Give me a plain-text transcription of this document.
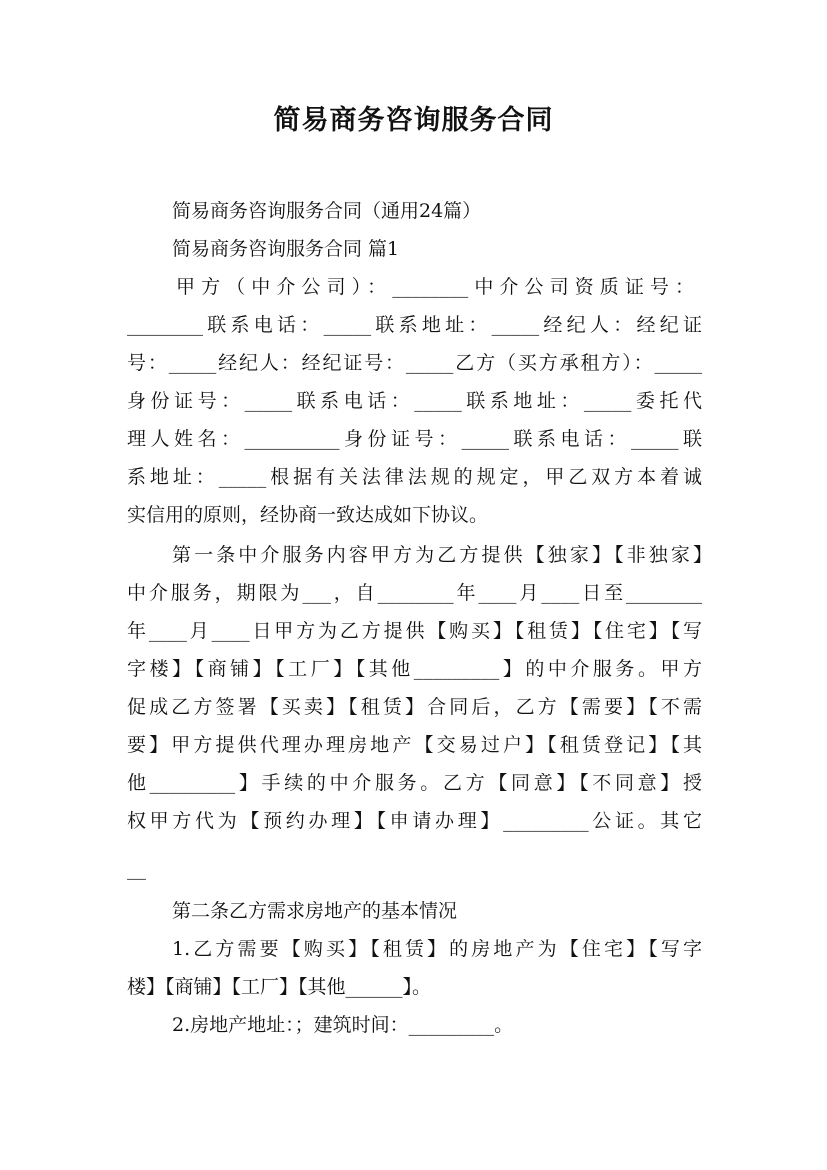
简易商务咨询服务合同

简易商务咨询服务合同（通用24篇）

简易商务咨询服务合同 篇1

甲方（中介公司）：________中介公司资质证号：

________联系电话：_____联系地址：_____经纪人：经纪证

号：_____经纪人：经纪证号：_____乙方（买方承租方）：_____

身份证号：_____联系电话：_____联系地址：_____委托代

理人姓名：__________身份证号：_____联系电话：_____联

系地址：_____根据有关法律法规的规定，甲乙双方本着诚

实信用的原则，经协商一致达成如下协议。

第一条中介服务内容甲方为乙方提供【独家】【非独家】

中介服务，期限为___，自________年____月____日至________

年____月____日甲方为乙方提供【购买】【租赁】【住宅】【写

字楼】【商铺】【工厂】【其他_________】的中介服务。甲方

促成乙方签署【买卖】【租赁】合同后，乙方【需要】【不需

要】甲方提供代理办理房地产【交易过户】【租赁登记】【其

他_________】手续的中介服务。乙方【同意】【不同意】授

权甲方代为【预约办理】【申请办理】_________公证。其它

__

第二条乙方需求房地产的基本情况

1.乙方需要【购买】【租赁】的房地产为【住宅】【写字

楼】【商铺】【工厂】【其他______】。

2.房地产地址：；建筑时间：_________。
